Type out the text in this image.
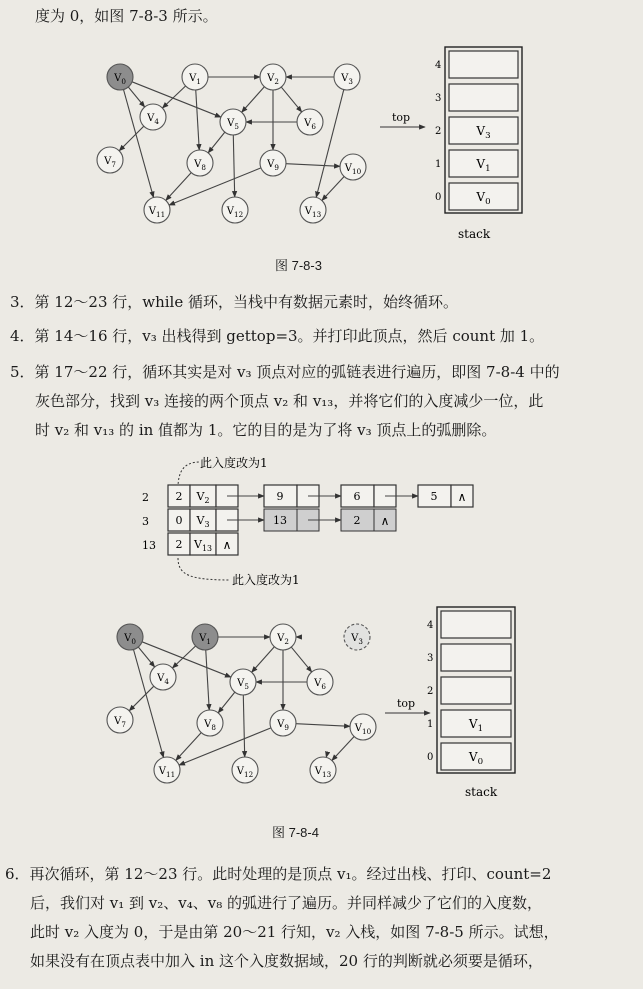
度为 0，如图 7-8-3 所示。
$V_0$	$V_1$	$V_2$	$V_3$
$V_4$	$V_5$	$V_6$
$V_7$	$V_8$	$V_9$	$V_{10}$
$V_{11}$	$V_{12}$	$V_{13}$
4
3
2	$V_3$
1	$V_1$
0	$V_0$
top
stack
图 7-8-3
3．第 12～23 行，while 循环，当栈中有数据元素时，始终循环。
4．第 14～16 行，v₃ 出栈得到 gettop=3。并打印此顶点，然后 count 加 1。
5．第 17～22 行，循环其实是对 v₃ 顶点对应的弧链表进行遍历，即图 7-8-4 中的
灰色部分，找到 v₃ 连接的两个顶点 v₂ 和 v₁₃，并将它们的入度减少一位，此
时 v₂ 和 v₁₃ 的 in 值都为 1。它的目的是为了将 v₃ 顶点上的弧删除。
此入度改为1
2 2 $V_2$	9	6	5 ∧
3 0 $V_3$	13	2 ∧
13 2 $V_{13}$ ∧
此入度改为1
$V_0$	$V_1$	$V_2$	$V_3$
$V_4$	$V_5$	$V_6$
$V_7$	$V_8$	$V_9$	$V_{10}$
$V_{11}$	$V_{12}$	$V_{13}$
4
3
2
1	$V_1$
0	$V_0$
top
stack
图 7-8-4
6．再次循环，第 12～23 行。此时处理的是顶点 v₁。经过出栈、打印、count=2
后，我们对 v₁ 到 v₂、v₄、v₈ 的弧进行了遍历。并同样减少了它们的入度数，
此时 v₂ 入度为 0，于是由第 20～21 行知，v₂ 入栈，如图 7-8-5 所示。试想，
如果没有在顶点表中加入 in 这个入度数据域，20 行的判断就必须要是循环，
